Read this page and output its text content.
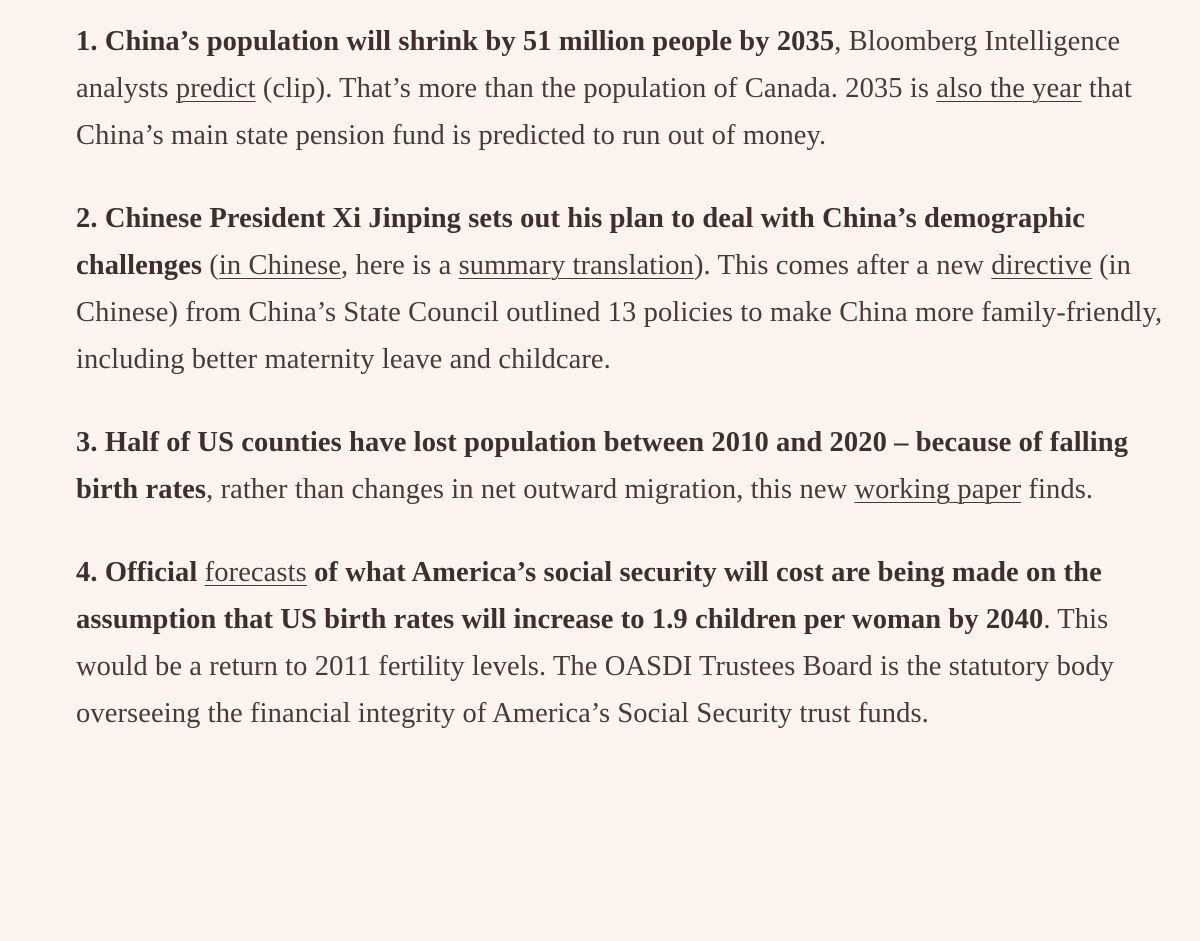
1. China’s population will shrink by 51 million people by 2035, Bloomberg Intelligence analysts predict (clip). That’s more than the population of Canada. 2035 is also the year that China’s main state pension fund is predicted to run out of money.

2. Chinese President Xi Jinping sets out his plan to deal with China’s demographic challenges (in Chinese, here is a summary translation). This comes after a new directive (in Chinese) from China’s State Council outlined 13 policies to make China more family-friendly, including better maternity leave and childcare.

3. Half of US counties have lost population between 2010 and 2020 – because of falling birth rates, rather than changes in net outward migration, this new working paper finds.

4. Official forecasts of what America’s social security will cost are being made on the assumption that US birth rates will increase to 1.9 children per woman by 2040. This would be a return to 2011 fertility levels. The OASDI Trustees Board is the statutory body overseeing the financial integrity of America’s Social Security trust funds.
